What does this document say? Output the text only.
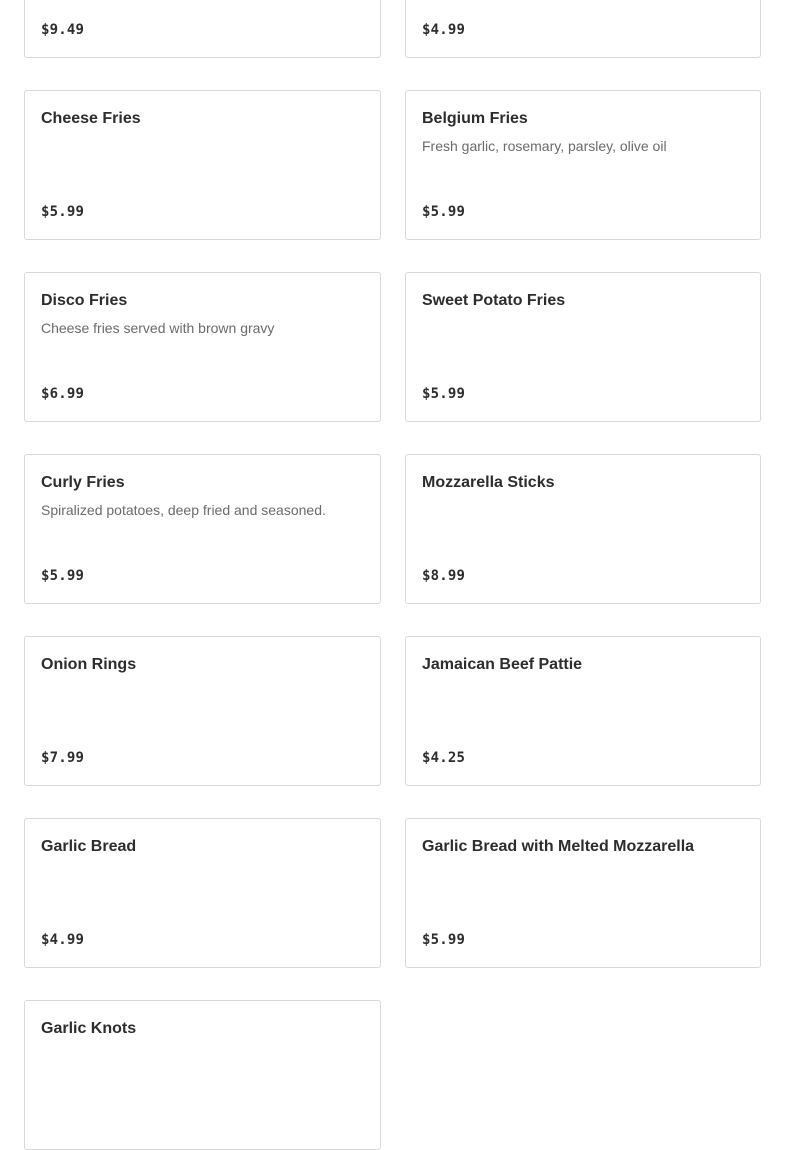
$9.49	$4.99
Cheese Fries
$5.99
Belgium Fries
Fresh garlic, rosemary, parsley, olive oil
$5.99
Disco Fries
Cheese fries served with brown gravy
$6.99
Sweet Potato Fries
$5.99
Curly Fries
Spiralized potatoes, deep fried and seasoned.
$5.99
Mozzarella Sticks
$8.99
Onion Rings
$7.99
Jamaican Beef Pattie
$4.25
Garlic Bread
$4.99
Garlic Bread with Melted Mozzarella
$5.99
Garlic Knots
